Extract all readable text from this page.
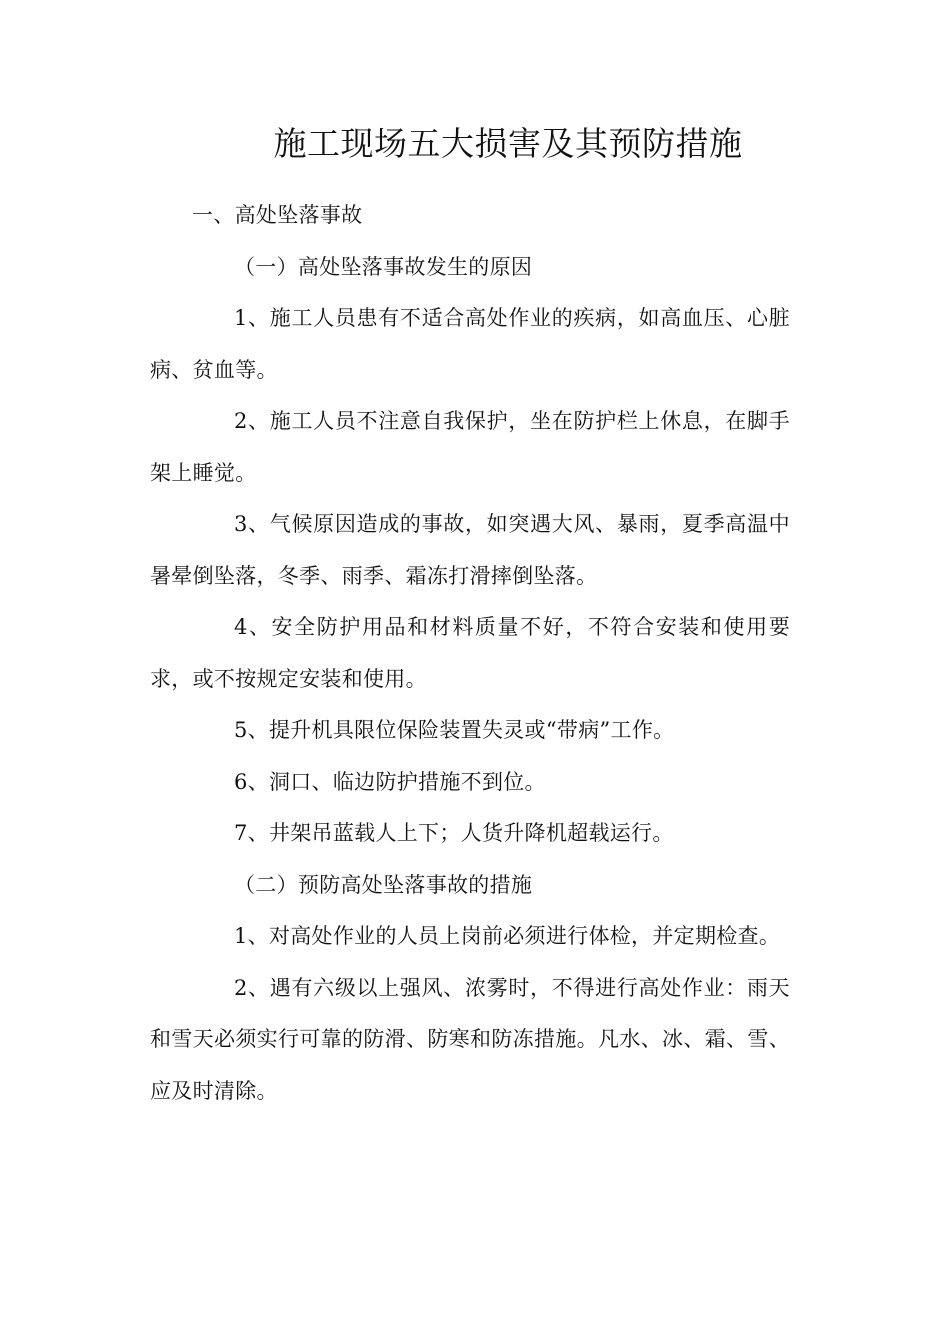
施工现场五大损害及其预防措施

一、高处坠落事故

（一）高处坠落事故发生的原因

1、施工人员患有不适合高处作业的疾病，如高血压、心脏病、贫血等。

2、施工人员不注意自我保护，坐在防护栏上休息，在脚手架上睡觉。

3、气候原因造成的事故，如突遇大风、暴雨，夏季高温中暑晕倒坠落，冬季、雨季、霜冻打滑摔倒坠落。

4、安全防护用品和材料质量不好，不符合安装和使用要求，或不按规定安装和使用。

5、提升机具限位保险装置失灵或“带病”工作。

6、洞口、临边防护措施不到位。

7、井架吊蓝载人上下；人货升降机超载运行。

（二）预防高处坠落事故的措施

1、对高处作业的人员上岗前必须进行体检，并定期检查。

2、遇有六级以上强风、浓雾时，不得进行高处作业：雨天和雪天必须实行可靠的防滑、防寒和防冻措施。凡水、冰、霜、雪、应及时清除。
